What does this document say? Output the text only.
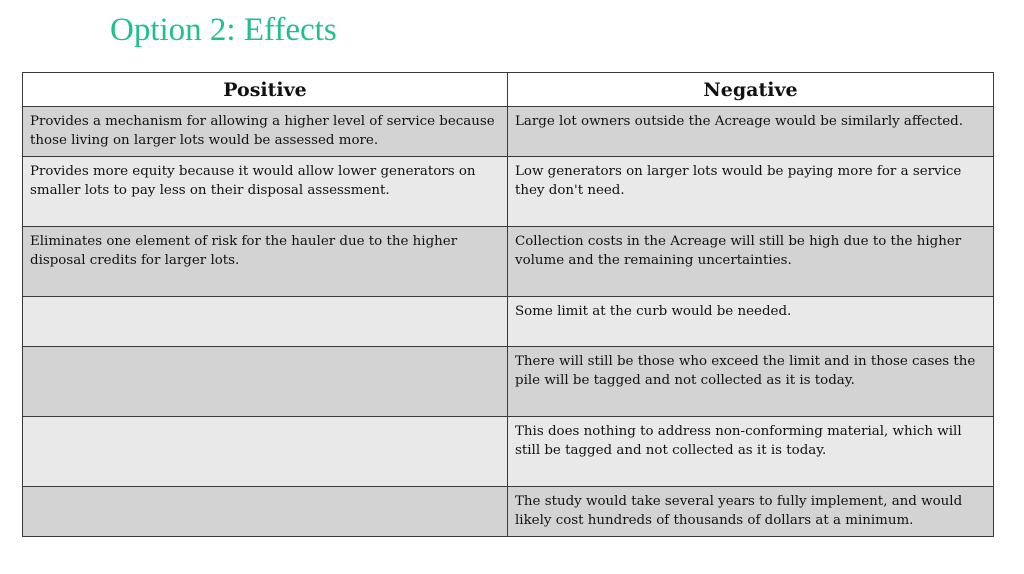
Option 2: Effects
Positive	Negative
Provides a mechanism for allowing a higher level of service because those living on larger lots would be assessed more.	Large lot owners outside the Acreage would be similarly affected.
Provides more equity because it would allow lower generators on smaller lots to pay less on their disposal assessment.	Low generators on larger lots would be paying more for a service they don't need.
Eliminates one element of risk for the hauler due to the higher disposal credits for larger lots.	Collection costs in the Acreage will still be high due to the higher volume and the remaining uncertainties.
	Some limit at the curb would be needed.
	There will still be those who exceed the limit and in those cases the pile will be tagged and not collected as it is today.
	This does nothing to address non-conforming material, which will still be tagged and not collected as it is today.
	The study would take several years to fully implement, and would likely cost hundreds of thousands of dollars at a minimum.
